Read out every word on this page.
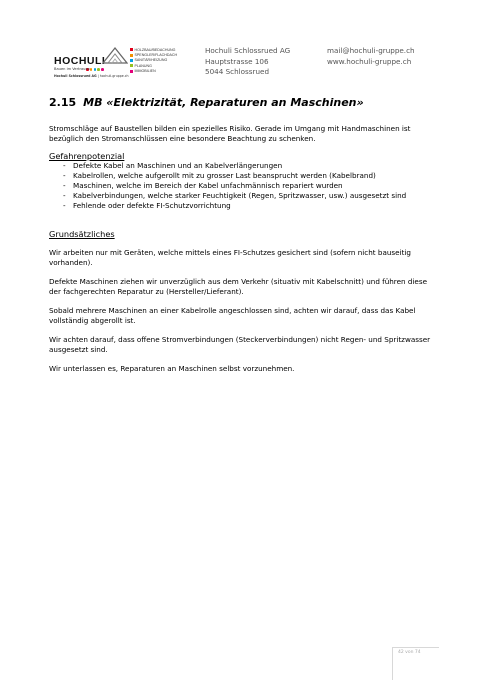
HOCHULI
Bauen im Vertrauen
Hochuli Schlossrued AG | hochuli-gruppe.ch
HOLZBAU/BEDACHUNG
SPENGLER/FLACHDACH
SANITÄR/HEIZUNG
PLANUNG
IMMOBILIEN
Hochuli Schlossrued AG
Hauptstrasse 106
5044 Schlossrued
mail@hochuli-gruppe.ch
www.hochuli-gruppe.ch
2.15 MB «Elektrizität, Reparaturen an Maschinen»

Stromschläge auf Baustellen bilden ein spezielles Risiko. Gerade im Umgang mit Handmaschinen ist bezüglich den Stromanschlüssen eine besondere Beachtung zu schenken.

Gefahrenpotenzial
- Defekte Kabel an Maschinen und an Kabelverlängerungen
- Kabelrollen, welche aufgerollt mit zu grosser Last beansprucht werden (Kabelbrand)
- Maschinen, welche im Bereich der Kabel unfachmännisch repariert wurden
- Kabelverbindungen, welche starker Feuchtigkeit (Regen, Spritzwasser, usw.) ausgesetzt sind
- Fehlende oder defekte FI-Schutzvorrichtung
Grundsätzliches

Wir arbeiten nur mit Geräten, welche mittels eines FI-Schutzes gesichert sind (sofern nicht bauseitig vorhanden).

Defekte Maschinen ziehen wir unverzüglich aus dem Verkehr (situativ mit Kabelschnitt) und führen diese der fachgerechten Reparatur zu (Hersteller/Lieferant).

Sobald mehrere Maschinen an einer Kabelrolle angeschlossen sind, achten wir darauf, dass das Kabel vollständig abgerollt ist.

Wir achten darauf, dass offene Stromverbindungen (Steckerverbindungen) nicht Regen- und Spritzwasser ausgesetzt sind.

Wir unterlassen es, Reparaturen an Maschinen selbst vorzunehmen.

42 von 74
